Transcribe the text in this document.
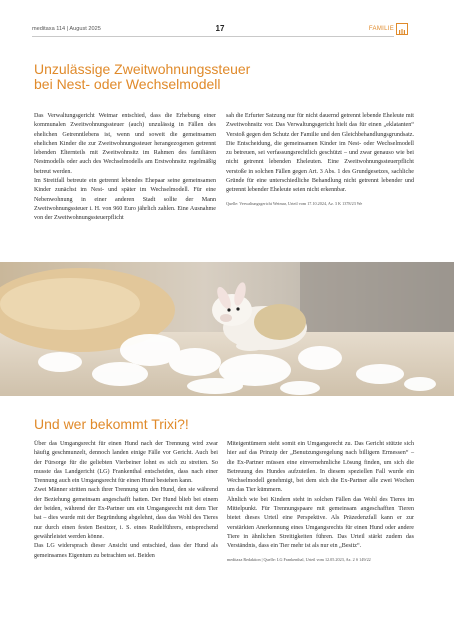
meditaxa 114 | August 2025	17	FAMILIE
Unzulässige Zweitwohnungssteuer
bei Nest- oder Wechselmodell

Das Verwaltungsgericht Weimar entschied, dass die Erhebung einer kommunalen Zweitwohnungssteuer (auch) unzulässig in Fällen des ehelichen Getrenntlebens ist, wenn und soweit die gemeinsamen ehelichen Kinder die zur Zweitwohnungssteuer herangezogenen getrennt lebenden Elternteils mit Zweitwohnsitz im Rahmen des familiären Nestmodells oder auch des Wechselmodells am Erstwohnsitz regelmäßig betreut werden.

Im Streitfall betreute ein getrennt lebendes Ehepaar seine gemeinsamen Kinder zunächst im Nest- und später im Wechselmodell. Für eine Nebenwohnung in einer anderen Stadt sollte der Mann Zweitwohnungssteuer i. H. von 960 Euro jährlich zahlen. Eine Ausnahme von der Zweitwohnungssteuerpflicht

sah die Erfurter Satzung nur für nicht dauernd getrennt lebende Eheleute mit Zweitwohnsitz vor. Das Verwaltungsgericht hielt das für einen „eklatanten“ Verstoß gegen den Schutz der Familie und den Gleichbehandlungsgrundsatz. Die Entscheidung, die gemeinsamen Kinder im Nest- oder Wechselmodell zu betreuen, sei verfassungsrechtlich geschützt – und zwar genauso wie bei nicht getrennt lebenden Eheleuten. Eine Zweitwohnungssteuerpflicht verstoße in solchen Fällen gegen Art. 3 Abs. 1 des Grundgesetzes, sachliche Gründe für eine unterschiedliche Behandlung nicht getrennt lebender und getrennt lebender Eheleute seien nicht erkennbar.

Quelle: Verwaltungsgericht Weimar, Urteil vom 17.10.2024, Az. 3 K 1378/23 We

Und wer bekommt Trixi?!

Über das Umgangsrecht für einen Hund nach der Trennung wird zwar häufig geschmunzelt, dennoch landen einige Fälle vor Gericht. Auch bei der Fürsorge für die geliebten Vierbeiner lohnt es sich zu streiten. So musste das Landgericht (LG) Frankenthal entscheiden, dass nach einer Trennung auch ein Umgangsrecht für einen Hund bestehen kann.

Zwei Männer stritten nach ihrer Trennung um den Hund, den sie während der Beziehung gemeinsam angeschafft hatten. Der Hund blieb bei einem der beiden, während der Ex-Partner um ein Umgangsrecht mit dem Tier bat – dies wurde mit der Begründung abgelehnt, dass das Wohl des Tieres nur durch einen festen Besitzer, i. S. eines Rudelführers, entsprechend gewährleistet werden könne.

Das LG widersprach dieser Ansicht und entschied, dass der Hund als gemeinsames Eigentum zu betrachten sei. Beiden

Miteigentümern steht somit ein Umgangsrecht zu. Das Gericht stützte sich hier auf das Prinzip der „Benutzungsregelung nach billigem Ermessen“ – die Ex-Partner müssen eine einvernehmliche Lösung finden, um sich die Betreuung des Hundes aufzuteilen. In diesem speziellen Fall wurde ein Wechselmodell genehmigt, bei dem sich die Ex-Partner alle zwei Wochen um das Tier kümmern.

Ähnlich wie bei Kindern steht in solchen Fällen das Wohl des Tieres im Mittelpunkt. Für Trennungspaare mit gemeinsam angeschafften Tieren bietet dieses Urteil eine Perspektive. Als Präzedenzfall kann er zur verstärkten Anerkennung eines Umgangsrechts für einen Hund oder andere Tiere in ähnlichen Streitigkeiten führen. Das Urteil stärkt zudem das Verständnis, dass ein Tier mehr ist als nur ein „Besitz“.

meditaxa Redaktion | Quelle: LG Frankenthal, Urteil vom 12.05.2023, Az. 2 S 149/22
